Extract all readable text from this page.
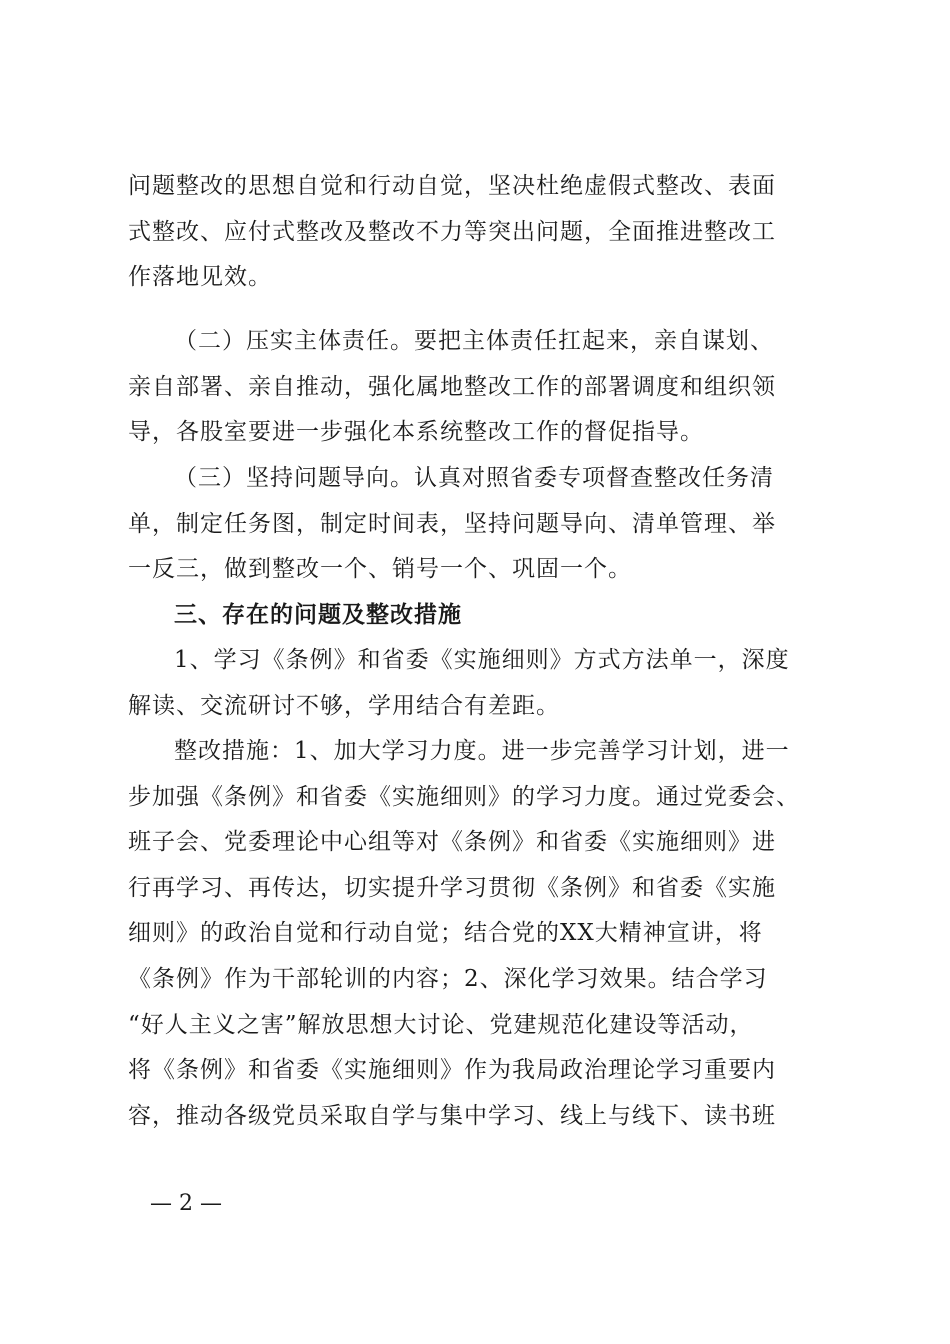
问题整改的思想自觉和行动自觉，坚决杜绝虚假式整改、表面
式整改、应付式整改及整改不力等突出问题，全面推进整改工
作落地见效。
（二）压实主体责任。要把主体责任扛起来，亲自谋划、
亲自部署、亲自推动，强化属地整改工作的部署调度和组织领
导，各股室要进一步强化本系统整改工作的督促指导。
（三）坚持问题导向。认真对照省委专项督查整改任务清
单，制定任务图，制定时间表，坚持问题导向、清单管理、举
一反三，做到整改一个、销号一个、巩固一个。
三、存在的问题及整改措施
1、学习《条例》和省委《实施细则》方式方法单一，深度
解读、交流研讨不够，学用结合有差距。
整改措施：1、加大学习力度。进一步完善学习计划，进一
步加强《条例》和省委《实施细则》的学习力度。通过党委会、
班子会、党委理论中心组等对《条例》和省委《实施细则》进
行再学习、再传达，切实提升学习贯彻《条例》和省委《实施
细则》的政治自觉和行动自觉；结合党的XX大精神宣讲，将
《条例》作为干部轮训的内容；2、深化学习效果。结合学习
“好人主义之害”解放思想大讨论、党建规范化建设等活动，
将《条例》和省委《实施细则》作为我局政治理论学习重要内
容，推动各级党员采取自学与集中学习、线上与线下、读书班
— 2 —
